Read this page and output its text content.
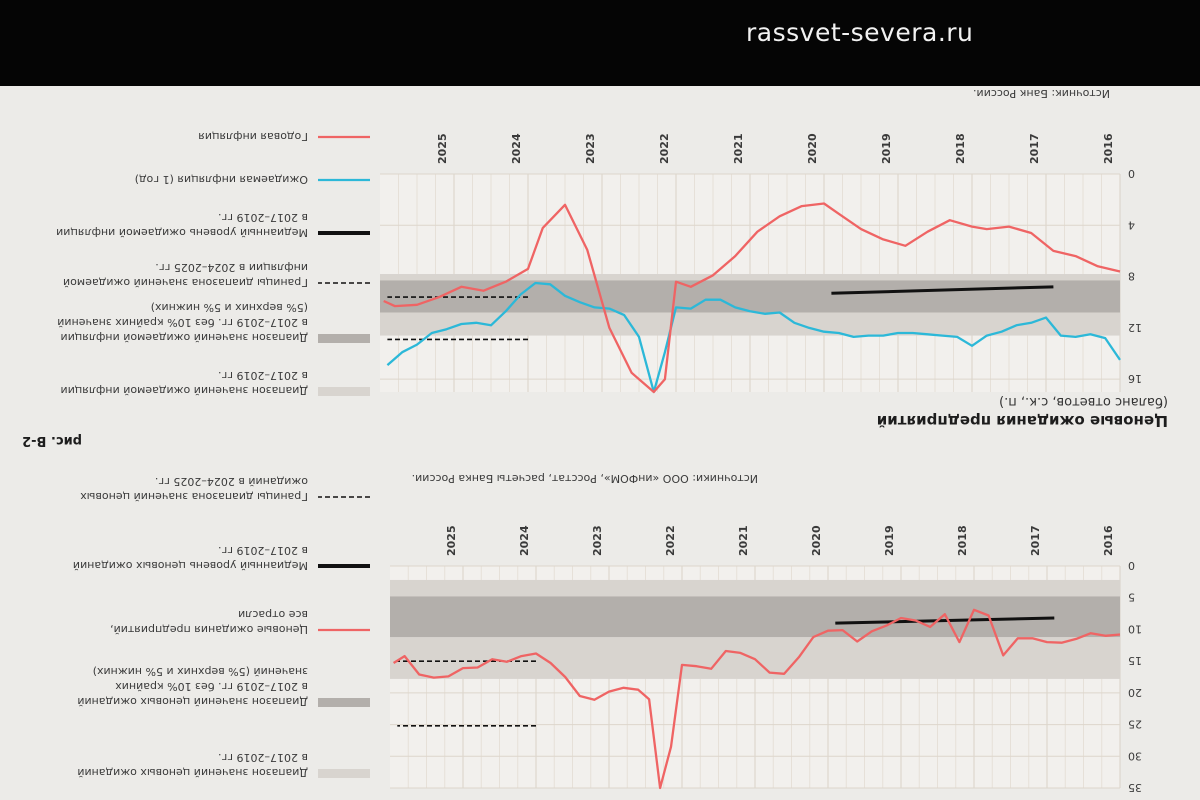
rassvet-severa.ru
0
4
8
12
16
2016
2017
2018
2019
2020
2021
2022
2023
2024
2025
Диапазон значений ожидаемой инфляции
в 2017–2019 гг.
Диапазон значений ожидаемой инфляции
в 2017–2019 гг. без 10% крайних значений
(5% верхних и 5% нижних)
Границы диапазона значений ожидаемой
инфляции в 2024–2025 гг.
Медианный уровень ожидаемой инфляции
в 2017–2019 гг.
Ожидаемая инфляция (1 год)
Годовая инфляция
Источники: ООО «инФОМ», Росстат, расчеты Банка России.
рис. В-2
Ценовые ожидания предприятий
(баланс ответов, с.к., п.)
0
5
10
15
20
25
30
35
2016
2017
2018
2019
2020
2021
2022
2023
2024
2025
Диапазон значений ценовых ожиданий
в 2017–2019 гг.
Диапазон значений ценовых ожиданий
в 2017–2019 гг. без 10% крайних
значений (5% верхних и 5% нижних)
Ценовые ожидания предприятий,
все отрасли
Медианный уровень ценовых ожиданий
в 2017–2019 гг.
Границы диапазона значений ценовых
ожиданий в 2024–2025 гг.
Источник: Банк России.
